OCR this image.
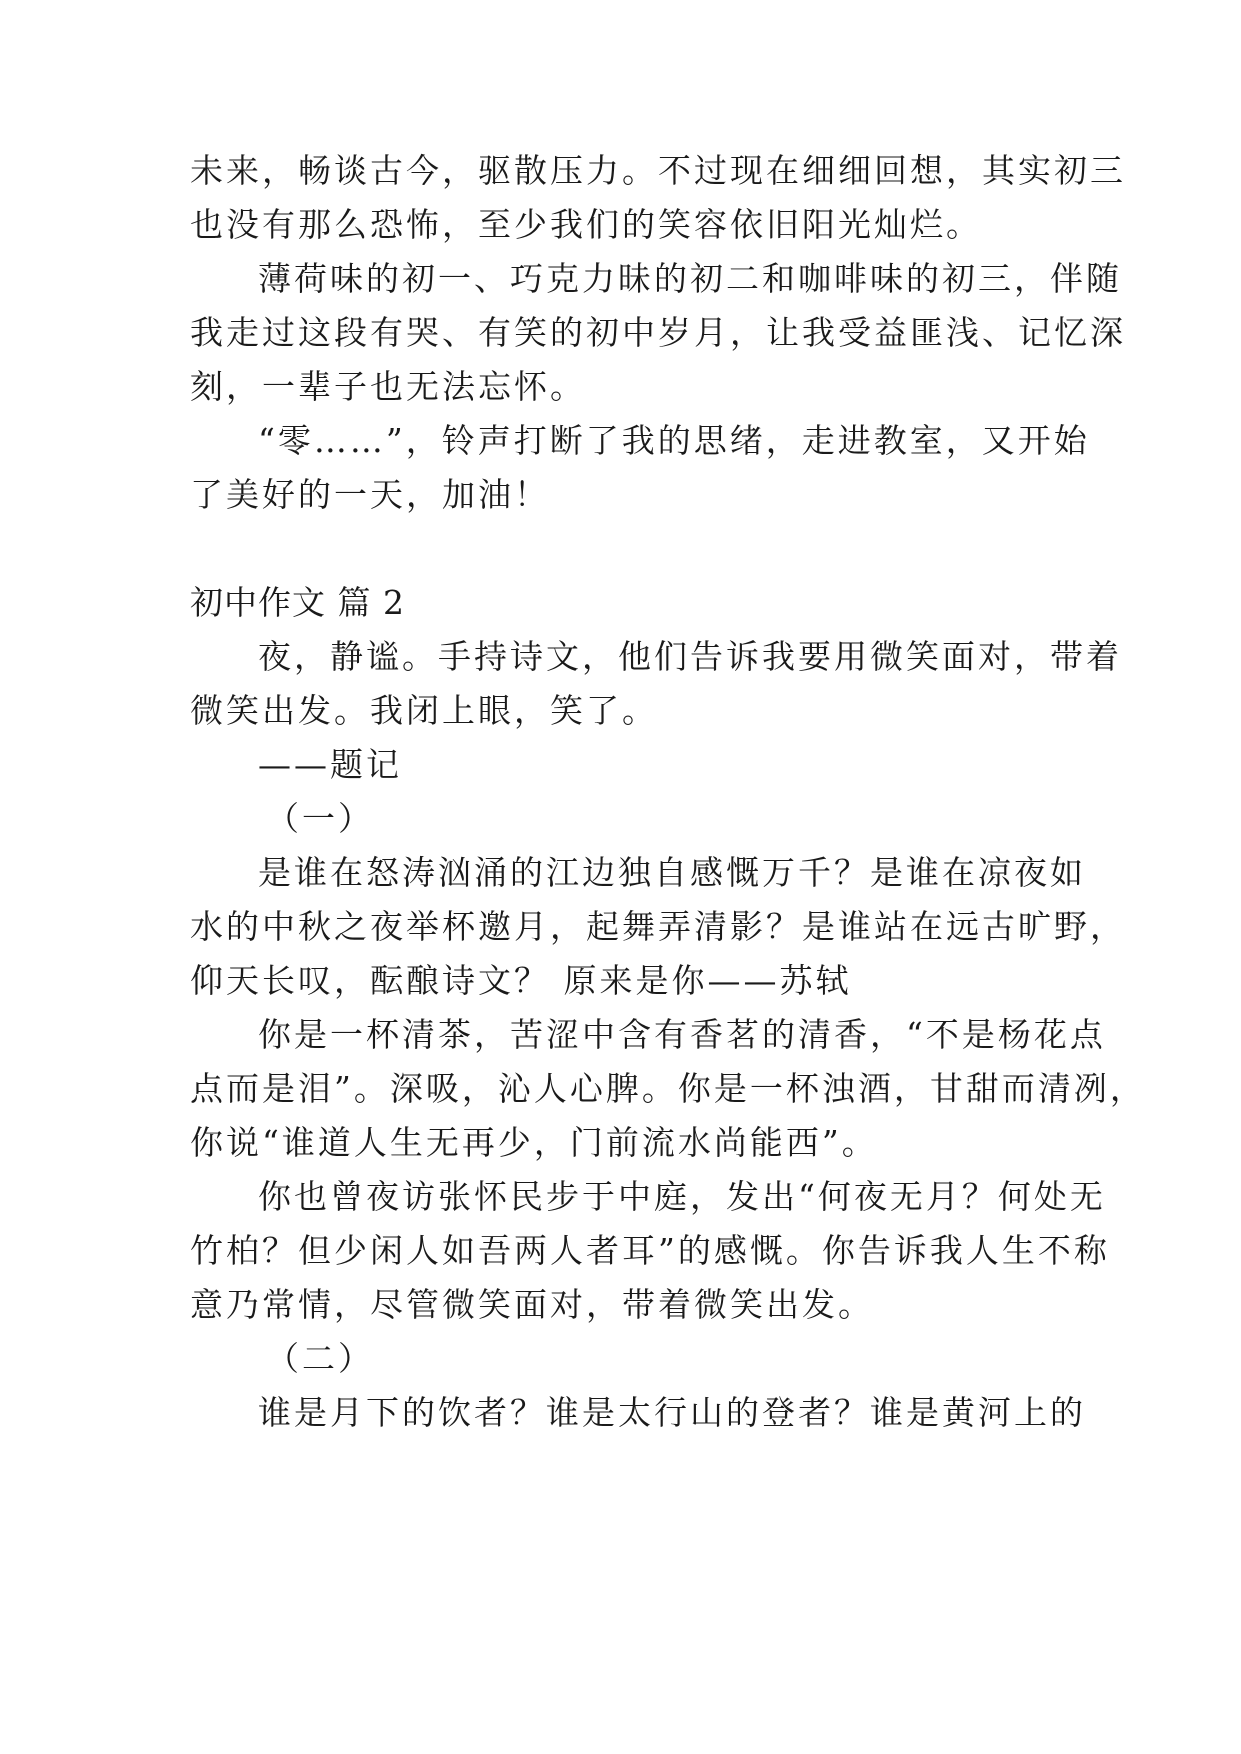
未来，畅谈古今，驱散压力。不过现在细细回想，其实初三
也没有那么恐怖，至少我们的笑容依旧阳光灿烂。
薄荷味的初一、巧克力昧的初二和咖啡味的初三，伴随
我走过这段有哭、有笑的初中岁月，让我受益匪浅、记忆深
刻，一辈子也无法忘怀。
“零……”，铃声打断了我的思绪，走进教室，又开始
了美好的一天，加油！
初中作文 篇 2
夜，静谧。手持诗文，他们告诉我要用微笑面对，带着
微笑出发。我闭上眼，笑了。
——题记
（一）
是谁在怒涛汹涌的江边独自感慨万千？是谁在凉夜如
水的中秋之夜举杯邀月，起舞弄清影？是谁站在远古旷野，
仰天长叹，酝酿诗文？ 原来是你——苏轼
你是一杯清茶，苦涩中含有香茗的清香，“不是杨花点
点而是泪”。深吸，沁人心脾。你是一杯浊酒，甘甜而清冽，
你说“谁道人生无再少，门前流水尚能西”。
你也曾夜访张怀民步于中庭，发出“何夜无月？何处无
竹柏？但少闲人如吾两人者耳”的感慨。你告诉我人生不称
意乃常情，尽管微笑面对，带着微笑出发。
（二）
谁是月下的饮者？谁是太行山的登者？谁是黄河上的
